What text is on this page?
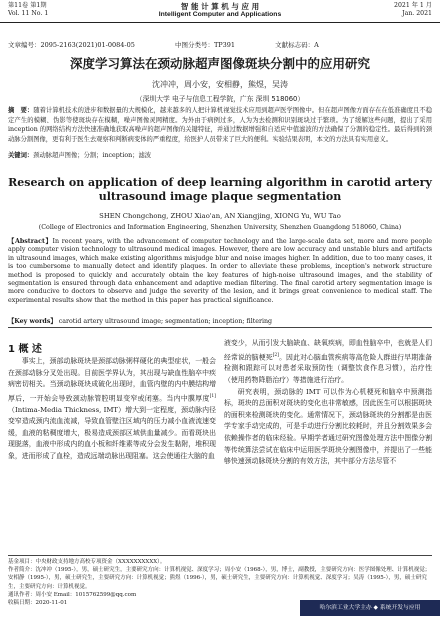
第11卷 第1期
Vol. 11 No. 1
智 能 计 算 机 与 应 用
Intelligent Computer and Applications
2021 年 1 月
Jan. 2021
文章编号：2095-2163(2021)01-0084-05	中图分类号：TP391	文献标志码：A
深度学习算法在颈动脉超声图像斑块分割中的应用研究
沈冲冲，周小安，安相静，熊煜，吴涛
（深圳大学 电子与信息工程学院，广东 深圳 518060）
摘　要：随着计算机技术的进步和数据量的大规模化，越来越多的人把计算机视觉技术应用到超声医学图像中。但在超声图像方面存在在低准确度且不稳定产生的模糊、伪影等使斑块存在模糊，噪声图像灵网精度。为外由于病例过多，人为为去检测和识别斑块过于繁琐。为了缓解这些问题，提出了采用 inception 的网络结构方法快速准确地获取高噪声的超声图像的关键特征，并通过数据增强和自适应中值滤波的方法确保了分割的稳定性。最后得到的颈动脉分割图像，更有利于医生去观察和判断病变体的严重程度，给医护人员带来了巨大的便利。实验结果表明，本文的方法具有实用意义。
关键词：颈动脉超声图像；分割；inception；滤波
Research on application of deep learning algorithm in carotid artery ultrasound image plaque segmentation
SHEN Chongchong, ZHOU Xiao'an, AN Xiangjing, XIONG Yu, WU Tao
(College of Electronics and Information Engineering, Shenzhen University, Shenzhen Guangdong 518060, China)
【Abstract】In recent years, with the advancement of computer technology and the large-scale data set, more and more people apply computer vision technology to ultrasound medical images. However, there are low accuracy and unstable blurs and artifacts in ultrasound images, which make existing algorithms misjudge blur and noise images higher. In addition, due to too many cases, it is too cumbersome to manually detect and identify plaques. In order to alleviate these problems, inception's network structure method is proposed to quickly and accurately obtain the key features of high-noise ultrasound images, and the stability of segmentation is ensured through data enhancement and adaptive median filtering. The final carotid artery segmentation image is more conducive to doctors to observe and judge the severity of the lesion, and it brings great convenience to medical staff. The experimental results show that the method in this paper has practical significance.
【Key words】 carotid artery ultrasound image; segmentation; inception; filtering
1 概 述

事实上，颈部动脉斑块是颈部动脉粥样硬化的典型症状，一般会在颈部动脉分叉处出现。目前医学界认为，其出现与缺血性脑卒中疾病密切相关。当颈动脉斑块成破化出现时，血管内壁的内中膜结构增厚后，一开始会导致颈动脉管腔明显变窄或闭塞。当内中膜厚度[1]（Intima-Media Thickness, IMT）增大到一定程度，颈动脉内径变窄造成颈内流血流减，导致血管壁注区域内的压力减小血液流速变缓，血液的粘稠度增大，极易造成颈部区域供血量减少。而看斑块出现脱落，血液中形成内的血小板和纤维素等成分会发生黏附，堆积现象，进而形成了血栓，造成远端动脉出现阻塞。这会使通往大脑的血

液变少，从而引发大脑缺血、缺氧疾病，即血性脑卒中，也就是人们经常说的脑梗死[2]。因此对心脑血管疾病等高危险人群进行早期准备检测和跟踪可以对患者采取预防性（调整饮食作息习惯），治疗性（使用药物降脂治疗）等措施进行治疗。

研究表明，颈动脉的 IMT 可以作为心机梗死和脑卒中预测指标，斑块的总面积对斑块的变化也非常敏感，因此医生可以根据斑块的面积来检测斑块的变化。通常情况下，颈动脉斑块的分割都是由医学专家手动完成的，可是手动进行分割比较耗时，并且分割效果多会依赖操作者的临床经验。早期学者通过研究图像处理方法中图像分割等传统算法尝试在临床中运用医学斑块分割图像中，并提出了一些能够快速颈动脉斑块分割的有效方法，其中部分方法尽管不

基金项目：中央财政支持地方高校专项资金（XXXXXXXXXX）。
作者简介：沈冲冲（1995-），男，硕士研究生，主要研究方向：计算机视觉、深度学习；周小安（1968-），男，博士，副教授，主要研究方向：医学图像处理、计算机视觉；安相静（1995-），男，硕士研究生，主要研究方向：计算机视觉；熊煜（1996-），男，硕士研究生，主要研究方向：计算机视觉、深度学习；吴涛（1995-），男，硕士研究生，主要研究方向：计算机视觉。
通讯作者：周小安 Email：1015762599@qq.com
收稿日期：2020-11-01
哈尔滨工业大学主办 ◆ 系统开发与应用
